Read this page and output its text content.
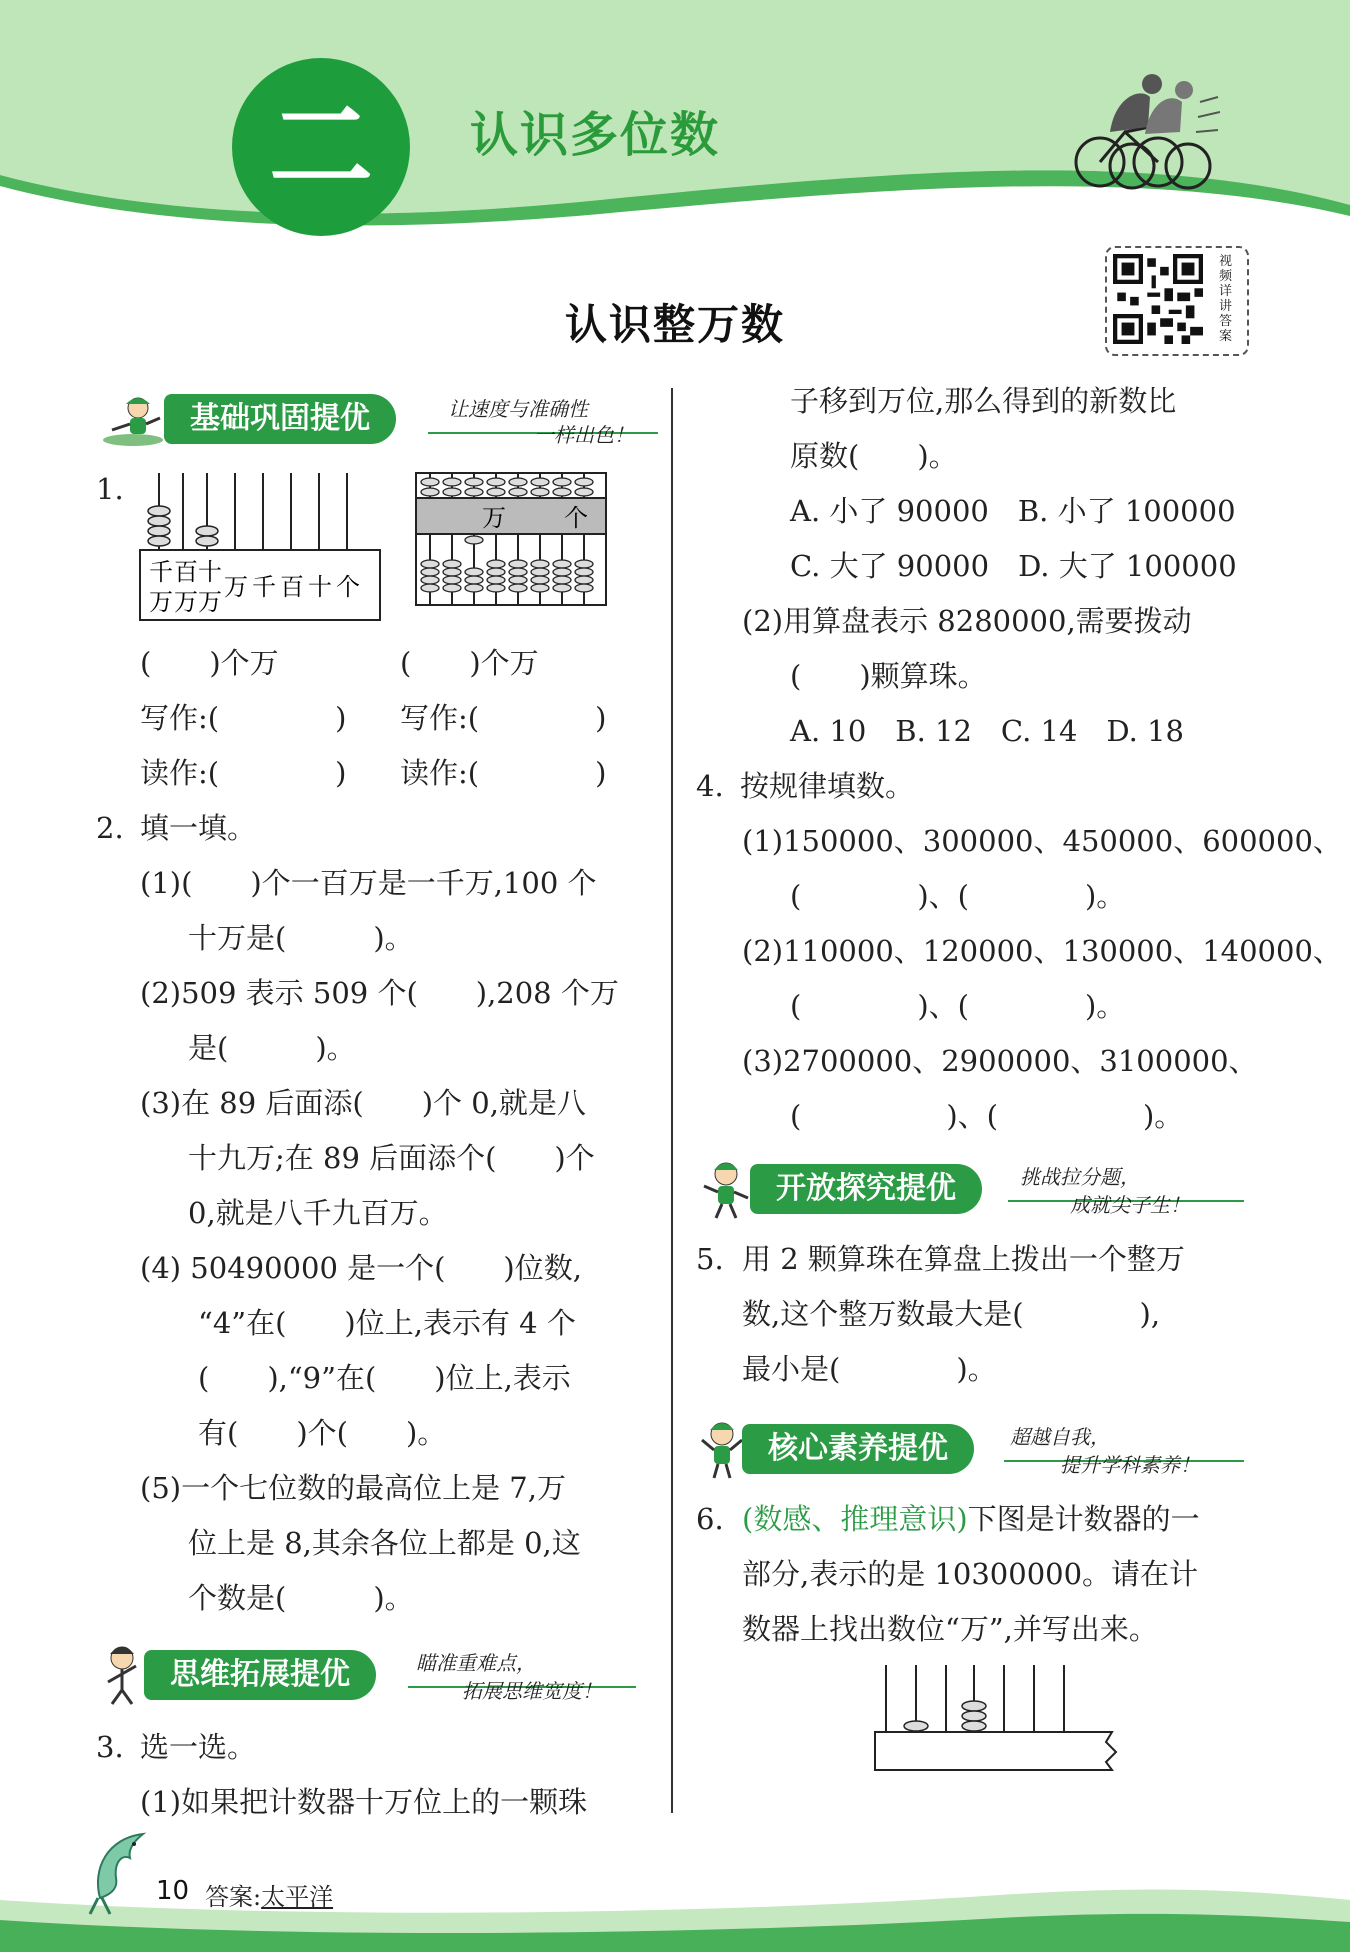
二	认识多位数
认识整万数
视频详讲答案
基础巩固提优	让速度与准确性
一样出色！
1.
千 百 十
万 万 万
万 千 百 十 个
万 个
(　　)个万	(　　)个万
写作:(　　　　) 写作:(　　　　)
读作:(　　　　) 读作:(　　　　)
2. 填一填。
(1)(　　)个一百万是一千万,100 个
十万是(　　　)。
(2)509 表示 509 个(　　),208 个万
是(　　　)。
(3)在 89 后面添(　　)个 0,就是八
十九万;在 89 后面添个(　　)个
0,就是八千九百万。
(4) 50490000 是一个(　　)位数,
“4”在(　　)位上,表示有 4 个
(　　),“9”在(　　)位上,表示
有(　　)个(　　)。
(5)一个七位数的最高位上是 7,万
位上是 8,其余各位上都是 0,这
个数是(　　　)。
思维拓展提优	瞄准重难点，
拓展思维宽度！
3. 选一选。
(1)如果把计数器十万位上的一颗珠
子移到万位,那么得到的新数比
原数(　　)。
A. 小了 90000　B. 小了 100000
C. 大了 90000　D. 大了 100000
(2)用算盘表示 8280000,需要拨动
(　　)颗算珠。
A. 10　B. 12　C. 14　D. 18
4. 按规律填数。
(1)150000、300000、450000、600000、
(　　　　)、(　　　　)。
(2)110000、120000、130000、140000、
(　　　　)、(　　　　)。
(3)2700000、2900000、3100000、
(　　　　　)、(　　　　　)。
开放探究提优	挑战拉分题，
成就尖子生！
5. 用 2 颗算珠在算盘上拨出一个整万
数,这个整万数最大是(　　　　),
最小是(　　　　)。
核心素养提优	超越自我，
提升学科素养！
6. (数感、推理意识)下图是计数器的一
部分,表示的是 10300000。请在计
数器上找出数位“万”,并写出来。
10 答案:太平洋
